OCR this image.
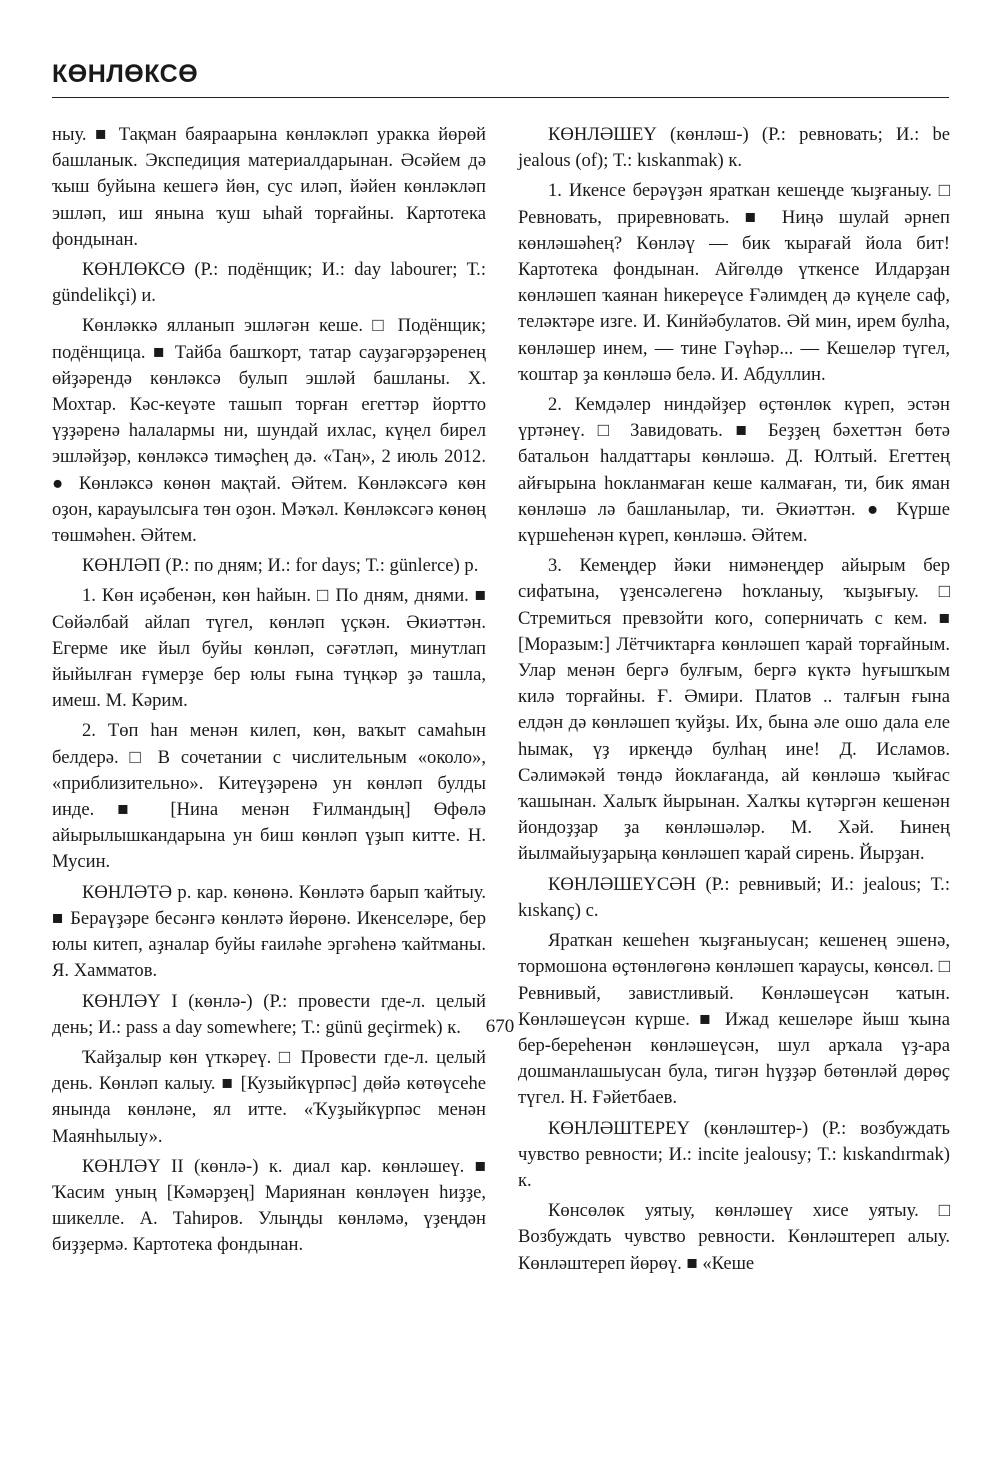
КӨНЛӨКСӨ

ныу. ■ Тақман баяраарына көнләкләп уракка йөрөй башланык. Экспедиция материалдарынан. Әсәйем дә ҡыш буйына кешегә йөн, сус иләп, йәйен көнләкләп эшләп, иш янына ҡуш ыһай торғайны. Картотека фондынан.

КӨНЛӨКСӨ (Р.: подёнщик; И.: day labourer; Т.: gündelikçi) и.

Көнләккә ялланып эшләгән кеше. □ Подёнщик; подёнщица. ■ Тайба башҡорт, татар сауҙагәрҙәренең өйҙәрендә көнләксә булып эшләй башланы. Х. Мохтар. Кәс-кеүәте ташып торған егеттәр йортто үҙҙәренә һалалармы ни, шундай ихлас, күңел бирел эшләйҙәр, көнләксә тимәҫһең дә. «Таң», 2 июль 2012. ● Көнләксә көнөн мақтай. Әйтем. Көнләксәгә көн оҙон, карауылсыға төн оҙон. Мәҡәл. Көнләксәгә көнөң төшмәһен. Әйтем.

КӨНЛӘП (Р.: по дням; И.: for days; Т.: günlerce) р.

1. Көн иҫәбенән, көн һайын. □ По дням, днями. ■ Сөйәлбай айлап түгел, көнләп үҫкән. Әкиәттән. Егерме ике йыл буйы көнләп, сәғәтләп, минутлап йыйылған ғүмерҙе бер юлы ғына түңкәр ҙә ташла, имеш. М. Кәрим.

2. Төп һан менән килеп, көн, ваҡыт самаһын белдерә. □ В сочетании с числительным «около», «приблизительно». Китеүҙәренә ун көнләп булды инде. ■ [Нина менән Ғилмандың] Өфөлә айырылышкандарына ун биш көнләп үҙып китте. Н. Мусин.

КӨНЛӘТӘ р. кар. көнөнә. Көнләтә барып ҡайтыу. ■ Бераүҙәре бесәнгә көнләтә йөрөнө. Икенселәре, бер юлы китеп, аҙналар буйы ғаиләһе эргәһенә ҡайтманы. Я. Хамматов.

КӨНЛӘҮ I (көнлә-) (Р.: провести где-л. целый день; И.: pass a day somewhere; Т.: günü geçirmek) к.

Ҡайҙалыр көн үткәреү. □ Провести где-л. целый день. Көнләп калыу. ■ [Кузыйкүрпәс] дөйә көтөүсеһе янында көнләне, ял итте. «Ҡуҙыйкүрпәс менән Маянһылыу».

КӨНЛӘҮ II (көнлә-) к. диал кар. көнләшеү. ■ Ҡасим уның [Кәмәрҙең] Мариянан көнләүен һиҙҙе, шикелле. А. Таһиров. Улыңды көнләмә, үҙеңдән биҙҙермә. Картотека фондынан.

КӨНЛӘШЕҮ (көнләш-) (Р.: ревновать; И.: be jealous (of); Т.: kıskanmak) к.

1. Икенсе берәүҙән яраткан кешеңде ҡыҙғаныу. □ Ревновать, приревновать. ■ Ниңә шулай әрнеп көнләшәһең? Көнләү — бик ҡырағай йола бит! Картотека фондынан. Айгөлдө үткенсе Илдарҙан көнләшеп ҡаянан һикереүсе Ғәлимдең дә күңеле саф, теләктәре изге. И. Кинйәбулатов. Әй мин, ирем булһа, көнләшер инем, — тине Гәүһәр... — Кешеләр түгел, ҡоштар ҙа көнләшә белә. И. Абдуллин.

2. Кемдәлер ниндәйҙер өҫтөнлөк күреп, эстән үртәнеү. □ Завидовать. ■ Беҙҙең бәхеттән бөтә батальон һалдаттары көнләшә. Д. Юлтый. Егеттең айғырына һокланмаған кеше калмаған, ти, бик яман көнләшә лә башланылар, ти. Әкиәттән. ● Күрше күршеһенән күреп, көнләшә. Әйтем.

3. Кемеңдер йәки нимәнеңдер айырым бер сифатына, үҙенсәлегенә һоҡланыу, ҡыҙығыу. □ Стремиться превзойти кого, соперничать с кем. ■ [Моразым:] Лётчиктарға көнләшеп ҡарай торғайным. Улар менән бергә булғым, бергә күктә һуғышҡым килә торғайны. Ғ. Әмири. Платов .. талғын ғына елдән дә көнләшеп ҡуйҙы. Их, бына әле ошо дала еле һымак, үҙ иркеңдә булһаң ине! Д. Исламов. Сәлимәкәй төндә йоклағанда, ай көнләшә ҡыйғас ҡашынан. Халыҡ йырынан. Халҡы күтәргән кешенән йондоҙҙар ҙа көнләшәләр. М. Хәй. Һинең йылмайыуҙарыңа көнләшеп ҡарай сирень. Йырҙан.

КӨНЛӘШЕҮСӘН (Р.: ревнивый; И.: jealous; Т.: kıskanç) с.

Яраткан кешеһен ҡыҙғаныусан; кешенең эшенә, тормошона өҫтөнлөгөнә көнләшеп ҡараусы, көнсөл. □ Ревнивый, завистливый. Көнләшеүсән ҡатын. Көнләшеүсән күрше. ■ Ижад кешеләре йыш ҡына бер-береһенән көнләшеүсән, шул арҡала үҙ-ара дошманлашыусан була, тигән һүҙҙәр бөтөнләй дөрөҫ түгел. Н. Ғәйетбаев.

КӨНЛӘШТЕРЕҮ (көнләштер-) (Р.: возбуждать чувство ревности; И.: incite jealousy; Т.: kıskandırmak) к.

Көнсөлөк уятыу, көнләшеү хисе уятыу. □ Возбуждать чувство ревности. Көнләштереп алыу. Көнләштереп йөрөү. ■ «Кеше

670
